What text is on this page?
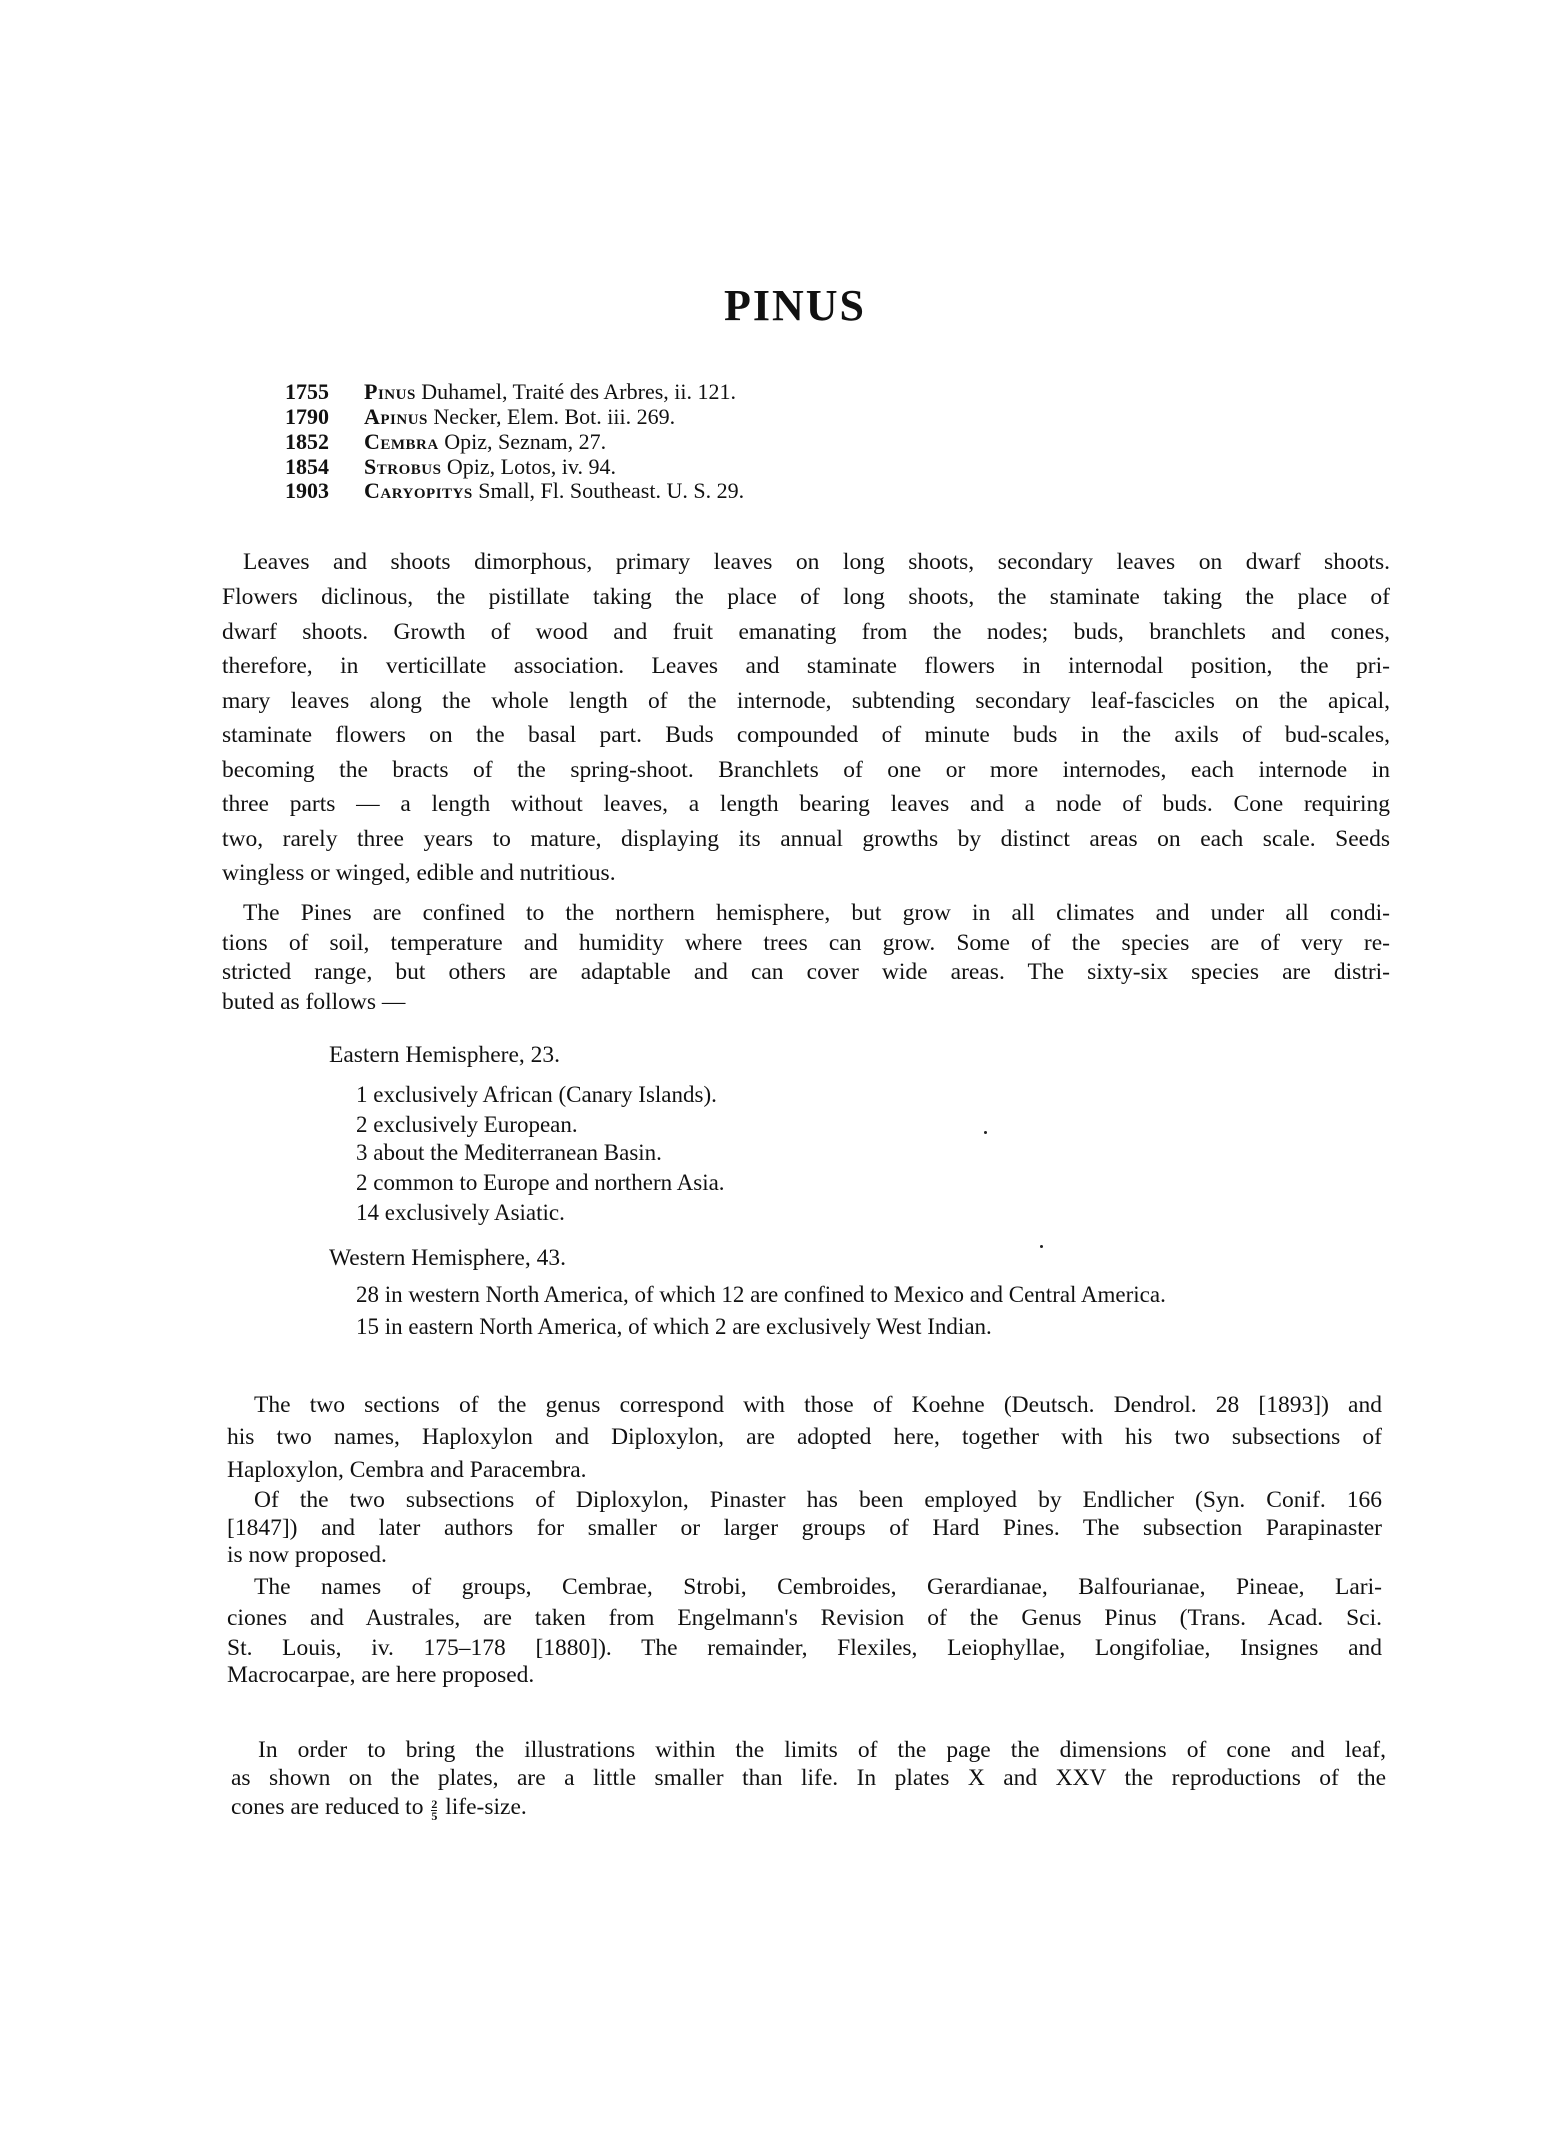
PINUS
1755 Pinus Duhamel, Traité des Arbres, ii. 121.
1790 Apinus Necker, Elem. Bot. iii. 269.
1852 Cembra Opiz, Seznam, 27.
1854 Strobus Opiz, Lotos, iv. 94.
1903 Caryopitys Small, Fl. Southeast. U. S. 29.
Leaves and shoots dimorphous, primary leaves on long shoots, secondary leaves on dwarf shoots.
Flowers diclinous, the pistillate taking the place of long shoots, the staminate taking the place of
dwarf shoots. Growth of wood and fruit emanating from the nodes; buds, branchlets and cones,
therefore, in verticillate association. Leaves and staminate flowers in internodal position, the pri-
mary leaves along the whole length of the internode, subtending secondary leaf-fascicles on the apical,
staminate flowers on the basal part. Buds compounded of minute buds in the axils of bud-scales,
becoming the bracts of the spring-shoot. Branchlets of one or more internodes, each internode in
three parts — a length without leaves, a length bearing leaves and a node of buds. Cone requiring
two, rarely three years to mature, displaying its annual growths by distinct areas on each scale. Seeds
wingless or winged, edible and nutritious.
The Pines are confined to the northern hemisphere, but grow in all climates and under all condi-
tions of soil, temperature and humidity where trees can grow. Some of the species are of very re-
stricted range, but others are adaptable and can cover wide areas. The sixty-six species are distri-
buted as follows —
Eastern Hemisphere, 23.
1 exclusively African (Canary Islands).
2 exclusively European.
3 about the Mediterranean Basin.
2 common to Europe and northern Asia.
14 exclusively Asiatic.
Western Hemisphere, 43.
28 in western North America, of which 12 are confined to Mexico and Central America.
15 in eastern North America, of which 2 are exclusively West Indian.
The two sections of the genus correspond with those of Koehne (Deutsch. Dendrol. 28 [1893]) and
his two names, Haploxylon and Diploxylon, are adopted here, together with his two subsections of
Haploxylon, Cembra and Paracembra.
Of the two subsections of Diploxylon, Pinaster has been employed by Endlicher (Syn. Conif. 166
[1847]) and later authors for smaller or larger groups of Hard Pines. The subsection Parapinaster
is now proposed.
The names of groups, Cembrae, Strobi, Cembroides, Gerardianae, Balfourianae, Pineae, Lari-
ciones and Australes, are taken from Engelmann's Revision of the Genus Pinus (Trans. Acad. Sci.
St. Louis, iv. 175–178 [1880]). The remainder, Flexiles, Leiophyllae, Longifoliae, Insignes and
Macrocarpae, are here proposed.
In order to bring the illustrations within the limits of the page the dimensions of cone and leaf,
as shown on the plates, are a little smaller than life. In plates X and XXV the reproductions of the
cones are reduced to $\frac{2}{5}$ life-size.
